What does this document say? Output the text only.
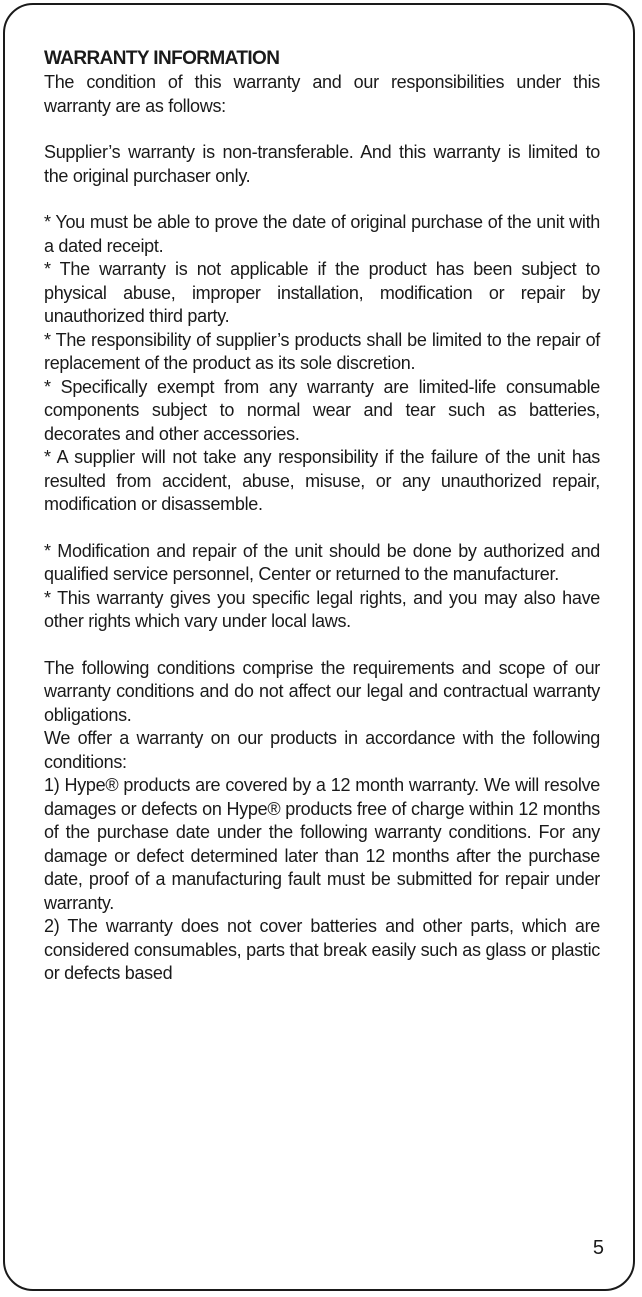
WARRANTY INFORMATION

The condition of this warranty and our responsibilities under this warranty are as follows:

Supplier’s warranty is non-transferable. And this warranty is limited to the original purchaser only.

* You must be able to prove the date of original purchase of the unit with a dated receipt.

* The warranty is not applicable if the product has been subject to physical abuse, improper installation, modification or repair by unauthorized third party.

* The responsibility of supplier’s products shall be limited to the repair of replacement of the product as its sole discretion.

* Specifically exempt from any warranty are limited-life consumable components subject to normal wear and tear such as batteries, decorates and other accessories.

* A supplier will not take any responsibility if the failure of the unit has resulted from accident, abuse, misuse, or any unauthorized repair, modification or disassemble.

* Modification and repair of the unit should be done by authorized and qualified service personnel, Center or returned to the manufacturer.

* This warranty gives you specific legal rights, and you may also have other rights which vary under local laws.

The following conditions comprise the requirements and scope of our warranty conditions and do not affect our legal and contractual warranty obligations.

We offer a warranty on our products in accordance with the following conditions:

1) Hype® products are covered by a 12 month warranty. We will resolve damages or defects on Hype® products free of charge within 12 months of the purchase date under the following warranty conditions. For any damage or defect determined later than 12 months after the purchase date, proof of a manufacturing fault must be submitted for repair under warranty.

2) The warranty does not cover batteries and other parts, which are considered consumables, parts that break easily such as glass or plastic or defects based

5
